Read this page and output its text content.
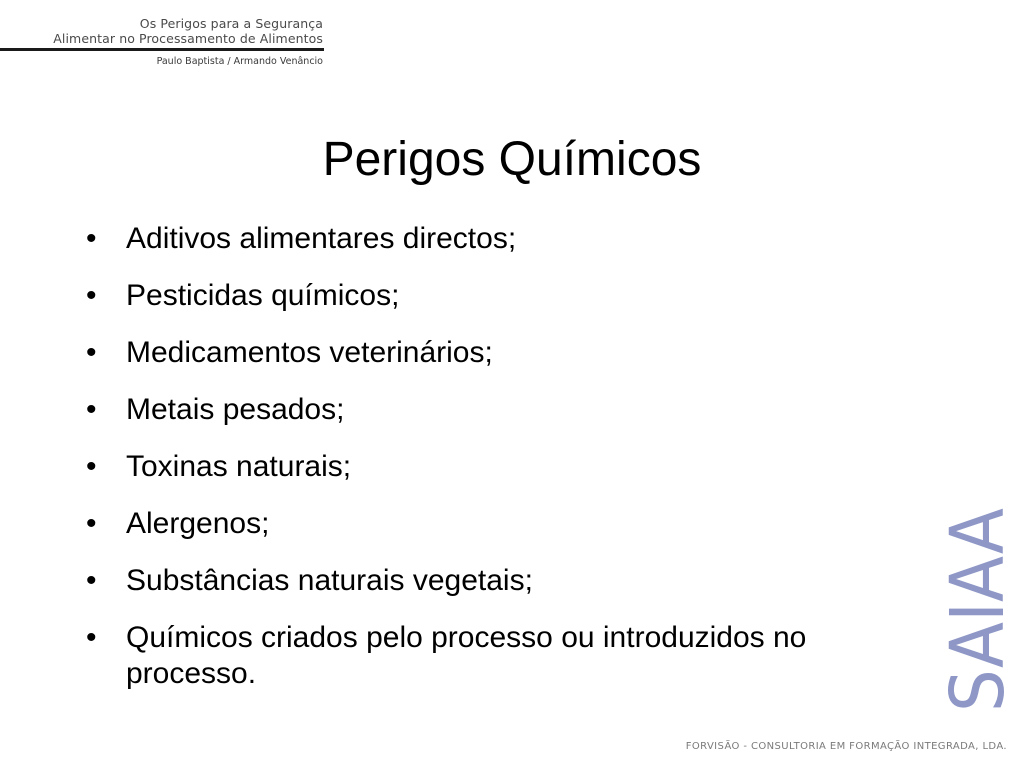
Os Perigos para a Segurança
Alimentar no Processamento de Alimentos
Paulo Baptista / Armando Venâncio
Perigos Químicos
• Aditivos alimentares directos;
• Pesticidas químicos;
• Medicamentos veterinários;
• Metais pesados;
• Toxinas naturais;
• Alergenos;
• Substâncias naturais vegetais;
• Químicos criados pelo processo ou introduzidos no processo.	SAIAA
FORVISÃO - CONSULTORIA EM FORMAÇÃO INTEGRADA, LDA.
